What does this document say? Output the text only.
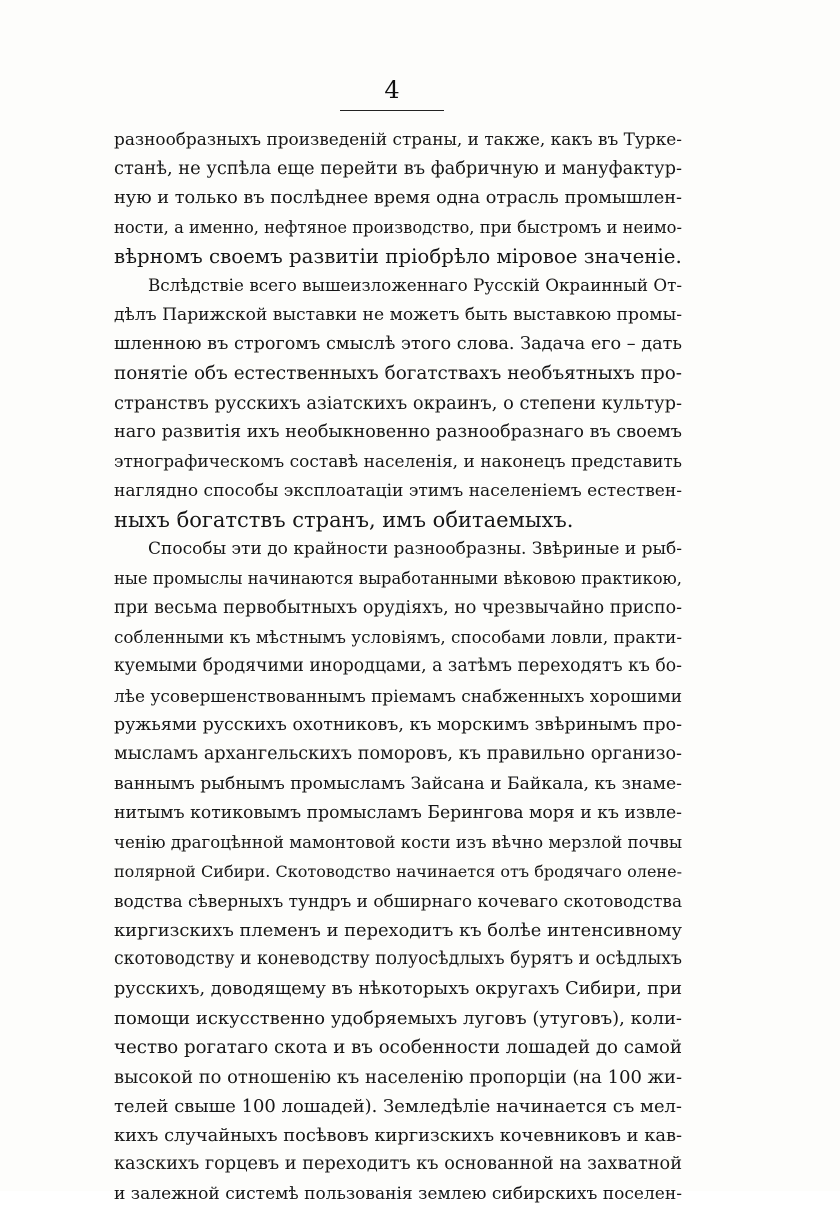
4
разнообразныхъ произведеній страны, и также, какъ въ Турке-
станѣ, не успѣла еще перейти въ фабричную и мануфактур-
ную и только въ послѣднее время одна отрасль промышлен-
ности, а именно, нефтяное производство, при быстромъ и неимо-
вѣрномъ своемъ развитіи пріобрѣло міровое значеніе.
Вслѣдствіе всего вышеизложеннаго Русскій Окраинный От-
дѣлъ Парижской выставки не можетъ быть выставкою промы-
шленною въ строгомъ смыслѣ этого слова. Задача его – дать
понятіе объ естественныхъ богатствахъ необъятныхъ про-
странствъ русскихъ азіатскихъ окраинъ, о степени культур-
наго развитія ихъ необыкновенно разнообразнаго въ своемъ
этнографическомъ составѣ населенія, и наконецъ представить
наглядно способы эксплоатаціи этимъ населеніемъ естествен-
ныхъ богатствъ странъ, имъ обитаемыхъ.
Способы эти до крайности разнообразны. Звѣриные и рыб-
ные промыслы начинаются выработанными вѣковою практикою,
при весьма первобытныхъ орудіяхъ, но чрезвычайно приспо-
собленными къ мѣстнымъ условіямъ, способами ловли, практи-
куемыми бродячими инородцами, а затѣмъ переходятъ къ бо-
лѣе усовершенствованнымъ пріемамъ снабженныхъ хорошими
ружьями русскихъ охотниковъ, къ морскимъ звѣринымъ про-
мысламъ архангельскихъ поморовъ, къ правильно организо-
ваннымъ рыбнымъ промысламъ Зайсана и Байкала, къ знаме-
нитымъ котиковымъ промысламъ Берингова моря и къ извле-
ченію драгоцѣнной мамонтовой кости изъ вѣчно мерзлой почвы
полярной Сибири. Скотоводство начинается отъ бродячаго олене-
водства сѣверныхъ тундръ и обширнаго кочеваго скотоводства
киргизскихъ племенъ и переходитъ къ болѣе интенсивному
скотоводству и коневодству полуосѣдлыхъ бурятъ и осѣдлыхъ
русскихъ, доводящему въ нѣкоторыхъ округахъ Сибири, при
помощи искусственно удобряемыхъ луговъ (утуговъ), коли-
чество рогатаго скота и въ особенности лошадей до самой
высокой по отношенію къ населенію пропорціи (на 100 жи-
телей свыше 100 лошадей). Земледѣліе начинается съ мел-
кихъ случайныхъ посѣвовъ киргизскихъ кочевниковъ и кав-
казскихъ горцевъ и переходитъ къ основанной на захватной
и залежной системѣ пользованія землею сибирскихъ поселен-
